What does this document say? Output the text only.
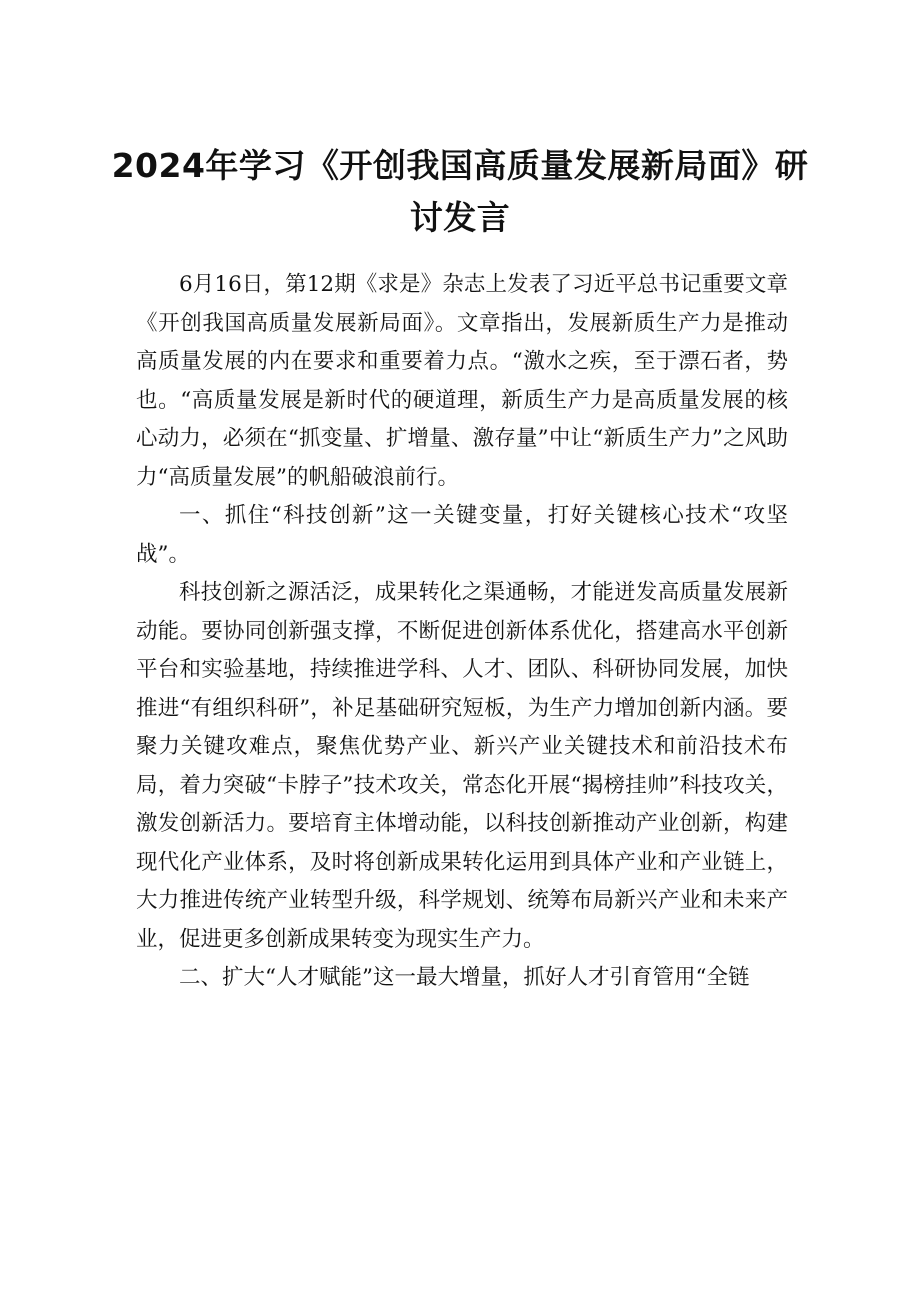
2024年学习《开创我国高质量发展新局面》研讨发言

6月16日，第12期《求是》杂志上发表了习近平总书记重要文章《开创我国高质量发展新局面》。文章指出，发展新质生产力是推动高质量发展的内在要求和重要着力点。“激水之疾，至于漂石者，势也。“高质量发展是新时代的硬道理，新质生产力是高质量发展的核心动力，必须在“抓变量、扩增量、激存量”中让“新质生产力”之风助力“高质量发展”的帆船破浪前行。

一、抓住“科技创新”这一关键变量，打好关键核心技术“攻坚战”。

科技创新之源活泛，成果转化之渠通畅，才能迸发高质量发展新动能。要协同创新强支撑，不断促进创新体系优化，搭建高水平创新平台和实验基地，持续推进学科、人才、团队、科研协同发展，加快推进“有组织科研”，补足基础研究短板，为生产力增加创新内涵。要聚力关键攻难点，聚焦优势产业、新兴产业关键技术和前沿技术布局，着力突破“卡脖子”技术攻关，常态化开展“揭榜挂帅”科技攻关，激发创新活力。要培育主体增动能，以科技创新推动产业创新，构建现代化产业体系，及时将创新成果转化运用到具体产业和产业链上，大力推进传统产业转型升级，科学规划、统筹布局新兴产业和未来产业，促进更多创新成果转变为现实生产力。

二、扩大“人才赋能”这一最大增量，抓好人才引育管用“全链
